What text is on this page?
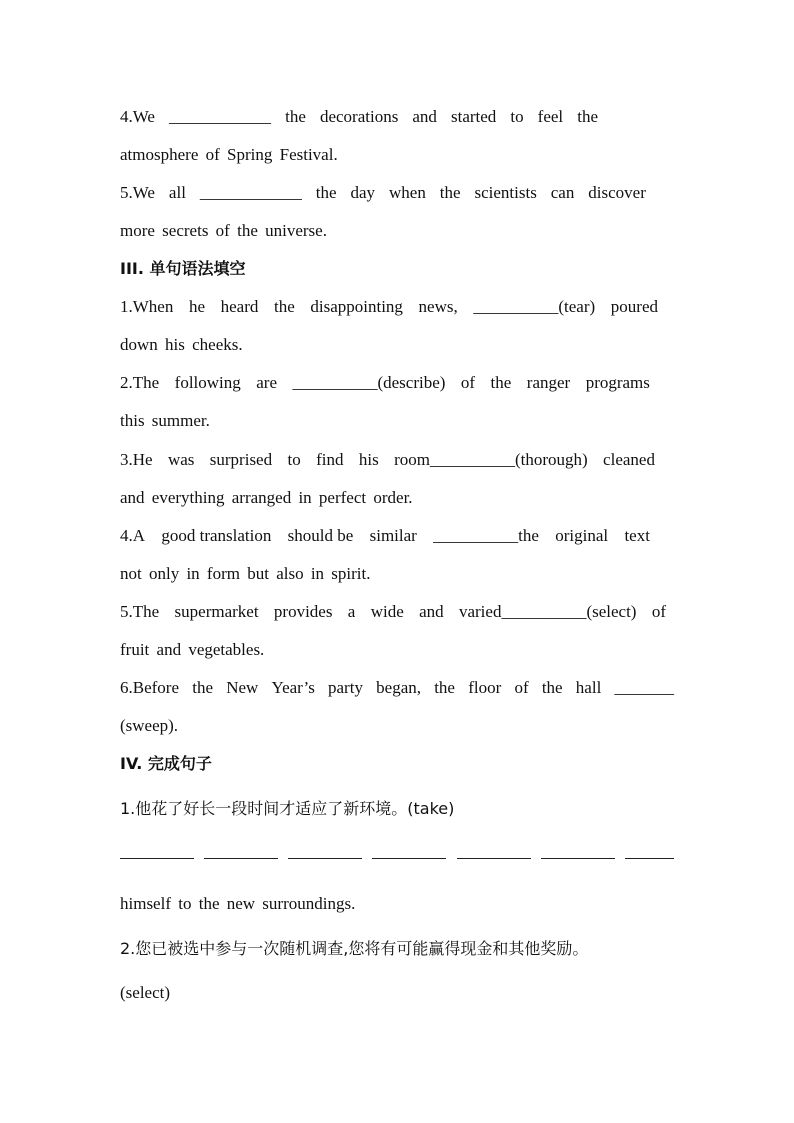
4.We ____________ the decorations and started to feel the
atmosphere of Spring Festival.
5.We all ____________ the day when the scientists can discover
more secrets of the universe.
III. 单句语法填空
1.When he heard the disappointing news, __________(tear) poured
down his cheeks.
2.The following are __________(describe) of the ranger programs
this summer.
3.He was surprised to find his room__________(thorough) cleaned
and everything arranged in perfect order.
4.A good translation should be similar __________the original text
not only in form but also in spirit.
5.The supermarket provides a wide and varied__________(select) of
fruit and vegetables.
6.Before the New Year’s party began, the floor of the hall _______
(sweep).
IV. 完成句子
1.他花了好长一段时间才适应了新环境。(take)
himself to the new surroundings.
2.您已被选中参与一次随机调查,您将有可能赢得现金和其他奖励。
(select)
